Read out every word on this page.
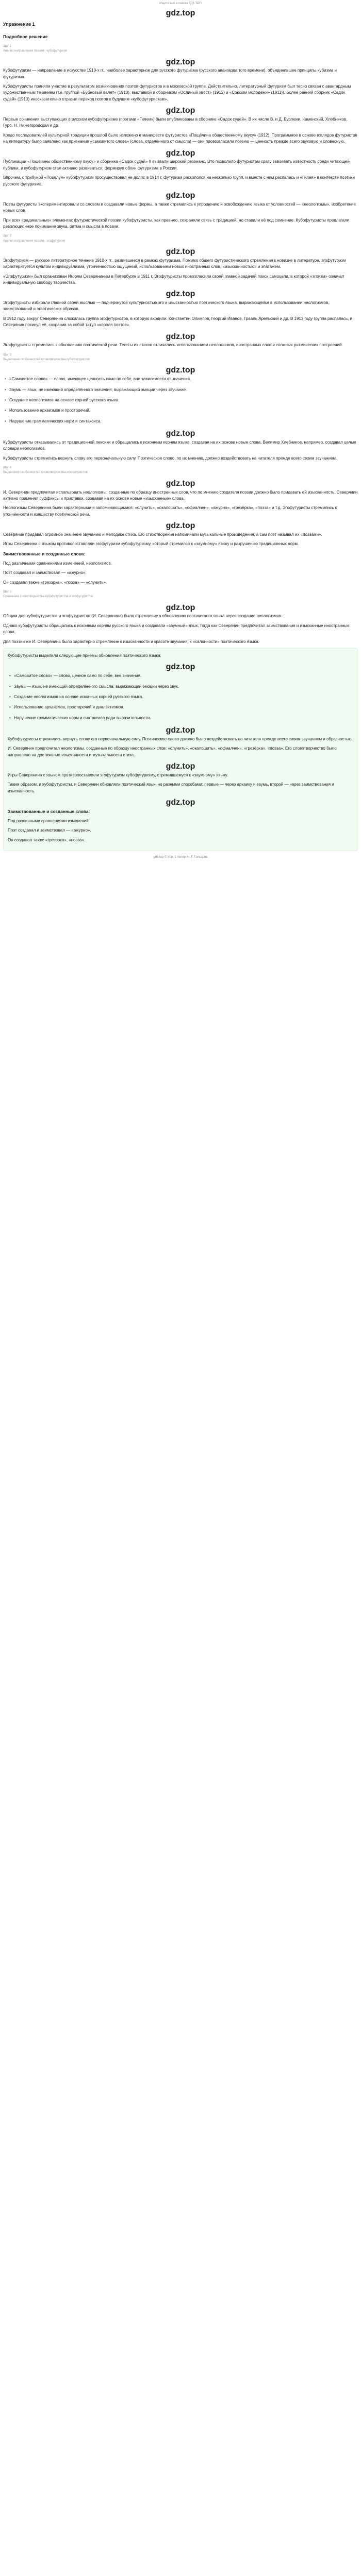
Ищите нас в поиске ГДЗ ТОП
gdz.top
Упражнение 1
Подробное решение
Шаг 1
Анализ направления поэзии - кубофутуризм
gdz.top

Кубофутуризм — направление в искусстве 1910-х гг., наиболее характерное для русского футуризма (русского авангарда того времени), объединившее принципы кубизма и футуризма.

Кубофутуристы приняли участие в результатом возникновения поэтов-футуристов и в московской группе. Действительно, литературный футуризм был тесно связан с авангардным художественным течением (т.е. группой «Бубновый валет» (1910), выставкой и сборником «Ослиный хвост» (1912) и «Союзом молодежи» (1911)). Более ранний сборник «Садок судей» (1910) иносказательно отразил переход поэтов к будущим «кубофутуристам».

gdz.top

Первые сочинения выступающих в русском кубофутуризме (поэтами «Гилеи») были опубликованы в сборнике «Садок судей». В их числе В. и Д. Бурлюки, Каменский, Хлебников, Гуро, Н. Нижегородская и др.

Кредо последователей культурной традиции прошлой было изложено в манифесте футуристов «Пощёчина общественному вкусу» (1912). Программное в основе взглядов футуристов на литературу было заявлено как признание «самовитого слова» (слова, отделённого от смысла) — они провозгласили поэзию — ценность прежде всего звуковую и словесную.

gdz.top

Публикации «Пощёчины общественному вкусу» и сборника «Садок судей» II вызвали широкий резонанс. Это позволило футуристам сразу завоевать известность среди читающей публики, и кубофутуризм стал активно развиваться, формируя облик футуризма в России.

Впрочем, с трибуной «Поцелуя» кубофутуризм просуществовал не долго: в 1914 г. футуризм раскололся на несколько групп, и вместе с ним распалась и «Гилея» в контексте поэтики русского футуризма.

gdz.top

Поэты футуристы экспериментировали со словом и создавали новые формы, а также стремились к упрощению и освобождению языка от условностей — «неологизмы», изобретение новых слов.

При всех «радикальных» элементах футуристической поэзии кубофутуристы, как правило, сохраняли связь с традицией, но ставили её под сомнение. Кубофутуристы предлагали революционное понимание звука, ритма и смысла в поэзии.

Шаг 2
Анализ направления поэзии - эгофутуризм
gdz.top

Эгофутуризм — русское литературное течение 1910-х гг., развившееся в рамках футуризма. Помимо общего футуристического стремления к новизне в литературе, эгофутуризм характеризуется культом индивидуализма, утончённостью ощущений, использованием новых иностранных слов, «изысканностью» и эпатажем.

«Эгофутуризм» был организован Игорем Северяниным в Петербурге в 1911 г. Эгофутуристы провозгласили своей главной задачей поиск самоцели, в которой «эгоизм» означал индивидуальную свободу творчества.

gdz.top

Эгофутуристы избирали главной своей мыслью — подчеркнутой культурностью эго и изысканностью поэтического языка, выражающейся в использовании неологизмов, заимствований и экзотических образов.

В 1912 году вокруг Северянина сложилась группа эгофутуристов, в которую входили: Константин Олимпов, Георгий Иванов, Грааль Арельский и др. В 1913 году группа распалась, и Северянин покинул её, сохранив за собой титул «короля поэтов».

gdz.top

Эгофутуристы стремились к обновлению поэтической речи. Тексты их стихов отличались использованием неологизмов, иностранных слов и сложных ритмических построений.

Шаг 3
Выделение особенностей словотворчества кубофутуристов
gdz.top
• «Самовитое слово» — слово, имеющее ценность само по себе, вне зависимости от значения.
• Заумь — язык, не имеющий определённого значения, выражающий эмоции через звучание.
• Создание неологизмов на основе корней русского языка.
• Использование архаизмов и просторечий.
• Нарушение грамматических норм и синтаксиса.
gdz.top

Кубофутуристы отказывались от традиционной лексики и обращались к исконным корням языка, создавая на их основе новые слова. Велимир Хлебников, например, создавал целые словари неологизмов.

Кубофутуристы стремились вернуть слову его первоначальную силу. Поэтическое слово, по их мнению, должно воздействовать на читателя прежде всего своим звучанием.

Шаг 4
Выделение особенностей словотворчества эгофутуристов
gdz.top

И. Северянин предпочитал использовать неологизмы, созданные по образцу иностранных слов, что по мнению создателя поэзии должно было придавать ей изысканность. Северянин активно применял суффиксы и приставки, создавая на их основе новые «изысканные» слова.

Неологизмы Северянина были характерными и запоминающимися: «олунить», «окалошить», «офиалчен», «ажурно», «грезёрка», «поэза» и т.д. Эгофутуристы стремились к утончённости и изяществу поэтической речи.

gdz.top

Северянин придавал огромное значение звучанию и мелодике стиха. Его стихотворения напоминали музыкальные произведения, а сам поэт называл их «поэзами».

Игры Северянина с языком противопоставляли эгофутуризм кубофутуризму, который стремился к «заумному» языку и разрушению традиционных норм.

Заимствованные и созданные слова:

Под различными сравнениями изменений, неологизмов.

Поэт создавал и заимствовал — «ажурно».

Он создавал также «грезэрка», «поэза» — «олунить».

Шаг 5
Сравнение словотворчества кубофутуристов и эгофутуристов
gdz.top

Общим для кубофутуристов и эгофутуристов (И. Северянина) было стремление к обновлению поэтического языка через создание неологизмов.

Однако кубофутуристы обращались к исконным корням русского языка и создавали «заумный» язык, тогда как Северянин предпочитал заимствования и изысканные иностранные слова.

Для поэзии же И. Северянина было характерно стремление к изысканности и красоте звучания, к «салонности» поэтического языка.

Кубофутуристы выделили следующие приёмы обновления поэтического языка:

gdz.top
• «Самовитое слово» — слово, ценное само по себе, вне значения.
• Заумь — язык, не имеющий определённого смысла, выражающий эмоции через звук.
• Создание неологизмов на основе исконных корней русского языка.
• Использование архаизмов, просторечий и диалектизмов.
• Нарушение грамматических норм и синтаксиса ради выразительности.
gdz.top

Кубофутуристы стремились вернуть слову его первоначальную силу. Поэтическое слово должно было воздействовать на читателя прежде всего своим звучанием и образностью.

И. Северянин предпочитал неологизмы, созданные по образцу иностранных слов: «олунить», «окалошить», «офиалчен», «грезёрка», «поэза». Его словотворчество было направлено на достижение изысканности и музыкальности стиха.

gdz.top

Игры Северянина с языком противопоставляли эгофутуризм кубофутуризму, стремившемуся к «заумному» языку.

Таким образом, и кубофутуристы, и Северянин обновляли поэтический язык, но разными способами: первые — через архаику и заумь, второй — через заимствования и изысканность.

gdz.top

Заимствованные и созданные слова:

Под различными сравнениями изменений.

Поэт создавал и заимствовал — «ажурно».

Он создавал также «грезэрка», «поэза».

gdz.top © Упр. 1 Автор: Н. Г. Гольцова
